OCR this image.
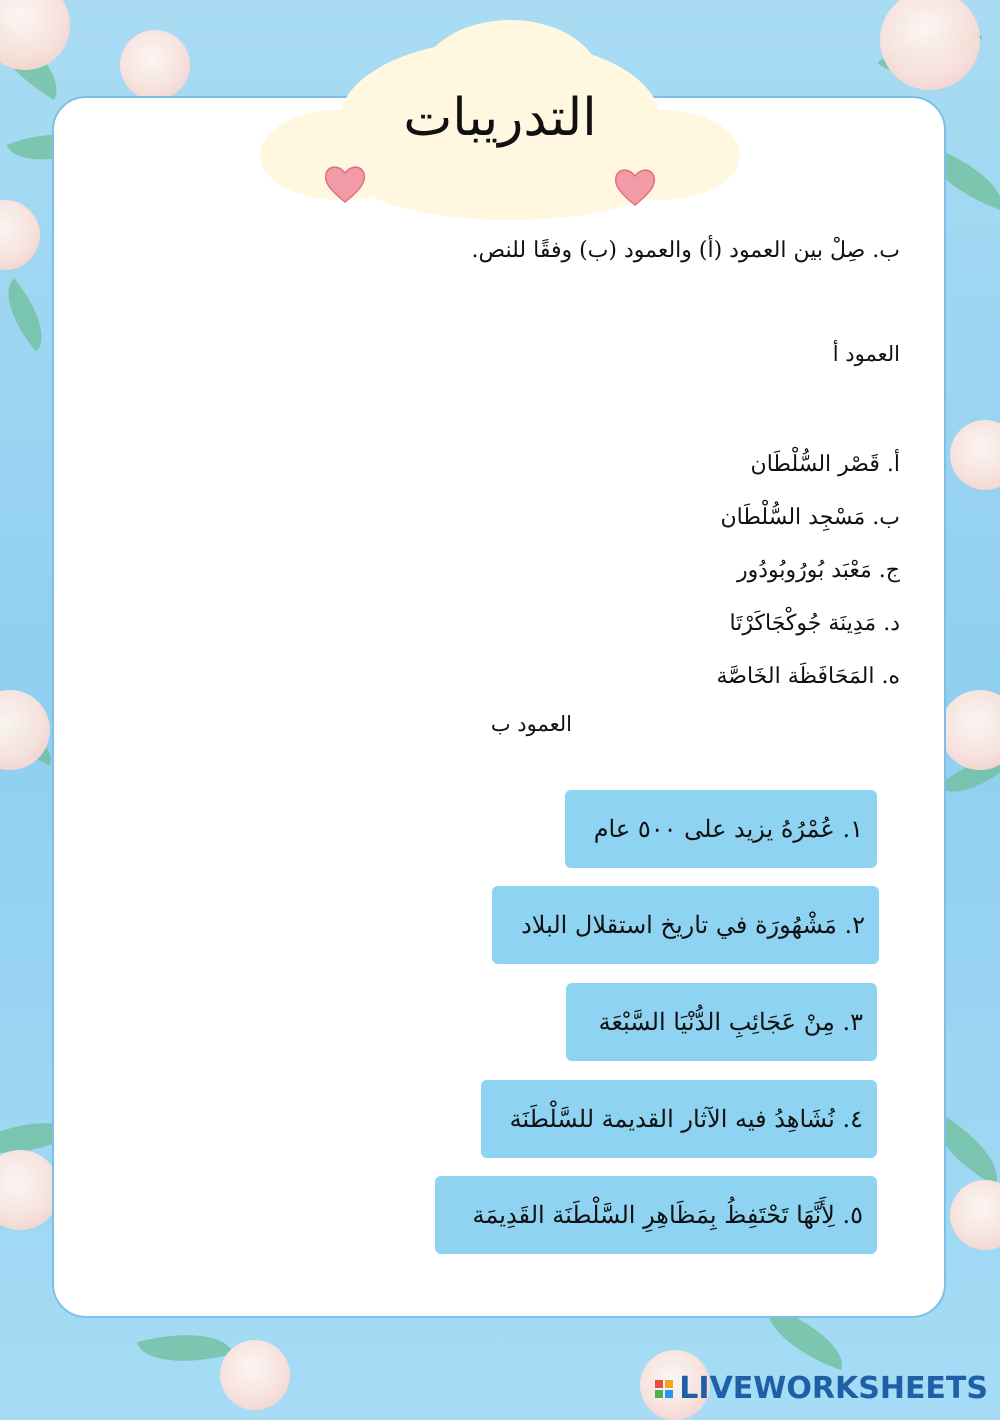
التدريبات
ب. صِلْ بين العمود (أ) والعمود (ب) وفقًا للنص.
العمود أ
أ. قَصْر السُّلْطَان
ب. مَسْجِد السُّلْطَان
ج. مَعْبَد بُورُوبُودُور
د. مَدِينَة جُوكْجَاكَرْتَا
ه. المَحَافَظَة الخَاصَّة
العمود ب
١. عُمْرُهُ يزيد على ٥٠٠ عام
٢. مَشْهُورَة في تاريخ استقلال البلاد
٣. مِنْ عَجَائِبِ الدُّنْيَا السَّبْعَة
٤. نُشَاهِدُ فيه الآثار القديمة للسَّلْطَنَة
٥. لِأَنَّهَا تَحْتَفِظُ بِمَظَاهِرِ السَّلْطَنَة القَدِيمَة
LIVEWORKSHEETS
